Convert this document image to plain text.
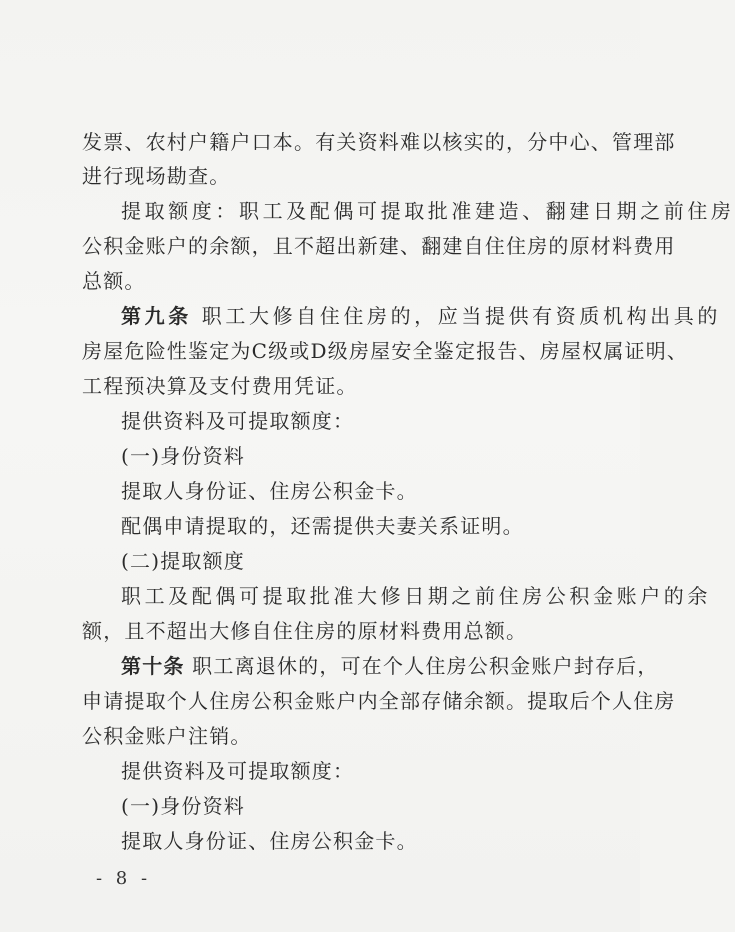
发票、农村户籍户口本。有关资料难以核实的，分中心、管理部
进行现场勘查。
提取额度：职工及配偶可提取批准建造、翻建日期之前住房
公积金账户的余额，且不超出新建、翻建自住住房的原材料费用
总额。
第九条 职工大修自住住房的，应当提供有资质机构出具的
房屋危险性鉴定为C级或D级房屋安全鉴定报告、房屋权属证明、
工程预决算及支付费用凭证。
提供资料及可提取额度：
(一)身份资料
提取人身份证、住房公积金卡。
配偶申请提取的，还需提供夫妻关系证明。
(二)提取额度
职工及配偶可提取批准大修日期之前住房公积金账户的余
额，且不超出大修自住住房的原材料费用总额。
第十条 职工离退休的，可在个人住房公积金账户封存后，
申请提取个人住房公积金账户内全部存储余额。提取后个人住房
公积金账户注销。
提供资料及可提取额度：
(一)身份资料
提取人身份证、住房公积金卡。
- 8 -
